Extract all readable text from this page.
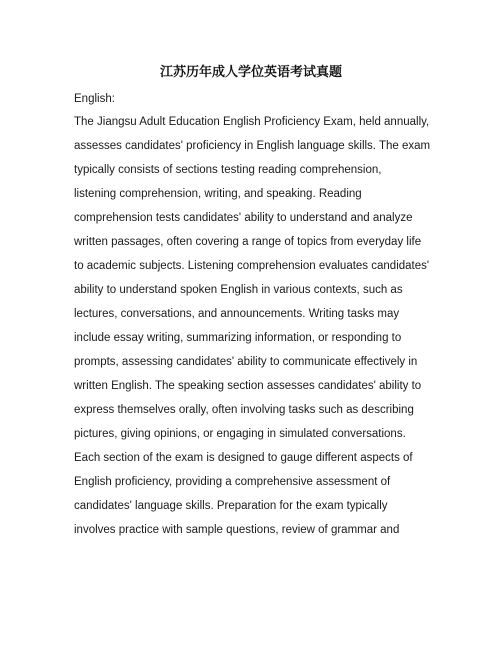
江苏历年成人学位英语考试真题

English:

The Jiangsu Adult Education English Proficiency Exam, held annually,
assesses candidates' proficiency in English language skills. The exam
typically consists of sections testing reading comprehension,
listening comprehension, writing, and speaking. Reading
comprehension tests candidates' ability to understand and analyze
written passages, often covering a range of topics from everyday life
to academic subjects. Listening comprehension evaluates candidates'
ability to understand spoken English in various contexts, such as
lectures, conversations, and announcements. Writing tasks may
include essay writing, summarizing information, or responding to
prompts, assessing candidates' ability to communicate effectively in
written English. The speaking section assesses candidates' ability to
express themselves orally, often involving tasks such as describing
pictures, giving opinions, or engaging in simulated conversations.
Each section of the exam is designed to gauge different aspects of
English proficiency, providing a comprehensive assessment of
candidates' language skills. Preparation for the exam typically
involves practice with sample questions, review of grammar and
